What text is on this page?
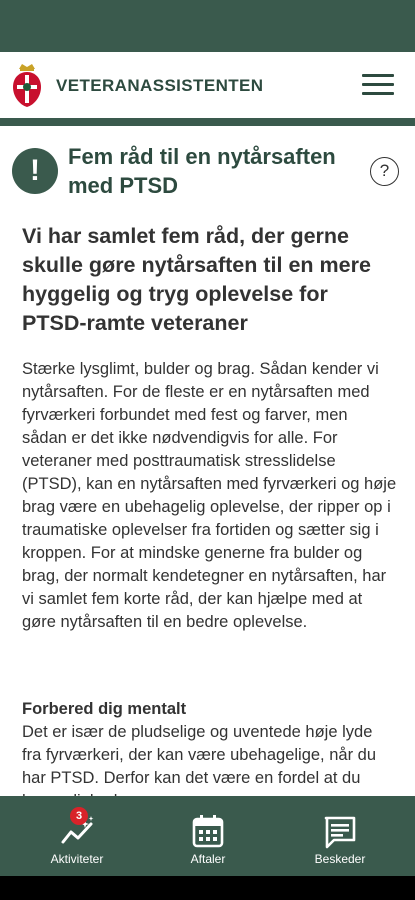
VETERANASSISTENTEN
!	Fem råd til en nytårsaften med PTSD
?
Vi har samlet fem råd, der gerne skulle gøre nytårsaften til en mere hyggelig og tryg oplevelse for PTSD-ramte veteraner

Stærke lysglimt, bulder og brag. Sådan kender vi nytårsaften. For de fleste er en nytårsaften med fyrværkeri forbundet med fest og farver, men sådan er det ikke nødvendigvis for alle. For veteraner med posttraumatisk stresslidelse (PTSD), kan en nytårsaften med fyrværkeri og høje brag være en ubehagelig oplevelse, der ripper op i traumatiske oplevelser fra fortiden og sætter sig i kroppen. For at mindske generne fra bulder og brag, der normalt kendetegner en nytårsaften, har vi samlet fem korte råd, der kan hjælpe med at gøre nytårsaften til en bedre oplevelse.

Forbered dig mentalt

Det er især de pludselige og uventede høje lyde fra fyrværkeri, der kan være ubehagelige, når du har PTSD. Derfor kan det være en fordel at du

3
Aktiviteter	Aftaler	Beskeder
